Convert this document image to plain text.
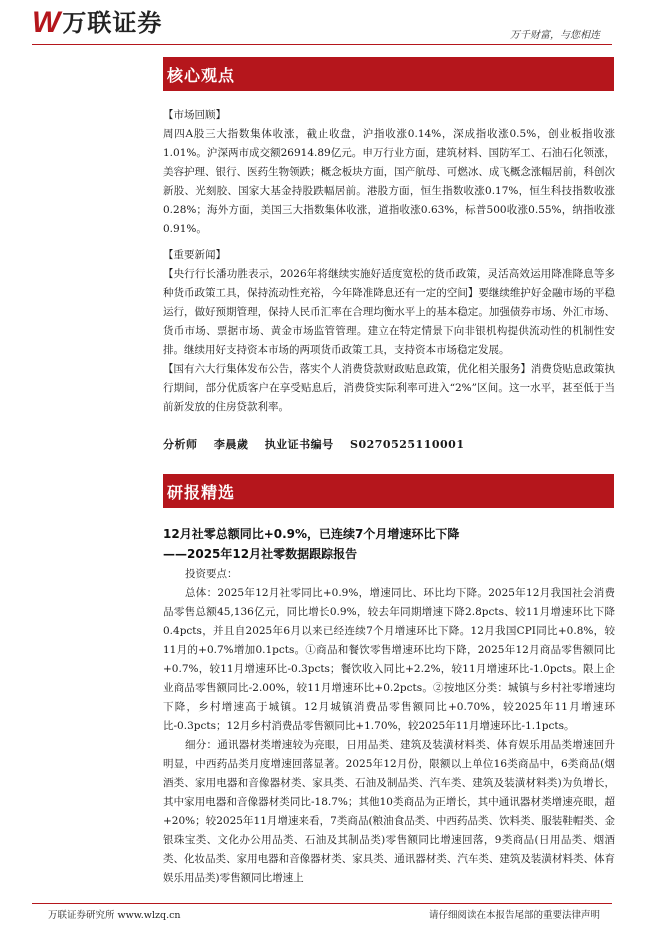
W 万联证券	万千财富，与您相连
核心观点
【市场回顾】

周四A股三大指数集体收涨，截止收盘，沪指收涨0.14%，深成指收涨0.5%，创业板指收涨1.01%。沪深两市成交额26914.89亿元。申万行业方面，建筑材料、国防军工、石油石化领涨，美容护理、银行、医药生物领跌；概念板块方面，国产航母、可燃冰、成飞概念涨幅居前，科创次新股、光刻胶、国家大基金持股跌幅居前。港股方面，恒生指数收涨0.17%，恒生科技指数收涨0.28%；海外方面，美国三大指数集体收涨，道指收涨0.63%，标普500收涨0.55%，纳指收涨0.91%。

【重要新闻】

【央行行长潘功胜表示，2026年将继续实施好适度宽松的货币政策，灵活高效运用降准降息等多种货币政策工具，保持流动性充裕，今年降准降息还有一定的空间】要继续维护好金融市场的平稳运行，做好预期管理，保持人民币汇率在合理均衡水平上的基本稳定。加强债券市场、外汇市场、货币市场、票据市场、黄金市场监管管理。建立在特定情景下向非银机构提供流动性的机制性安排。继续用好支持资本市场的两项货币政策工具，支持资本市场稳定发展。

【国有六大行集体发布公告，落实个人消费贷款财政贴息政策，优化相关服务】消费贷贴息政策执行期间，部分优质客户在享受贴息后，消费贷实际利率可进入“2%”区间。这一水平，甚至低于当前新发放的住房贷款利率。

分析师 李晨歲 执业证书编号 S0270525110001
研报精选
12月社零总额同比+0.9%，已连续7个月增速环比下降
——2025年12月社零数据跟踪报告

投资要点：

总体：2025年12月社零同比+0.9%，增速同比、环比均下降。2025年12月我国社会消费品零售总额45,136亿元，同比增长0.9%，较去年同期增速下降2.8pcts、较11月增速环比下降0.4pcts，并且自2025年6月以来已经连续7个月增速环比下降。12月我国CPI同比+0.8%，较11月的+0.7%增加0.1pcts。①商品和餐饮零售增速环比均下降，2025年12月商品零售额同比+0.7%，较11月增速环比-0.3pcts；餐饮收入同比+2.2%，较11月增速环比-1.0pcts。限上企业商品零售额同比-2.00%，较11月增速环比+0.2pcts。②按地区分类：城镇与乡村社零增速均下降，乡村增速高于城镇。12月城镇消费品零售额同比+0.70%，较2025年11月增速环比-0.3pcts；12月乡村消费品零售额同比+1.70%，较2025年11月增速环比-1.1pcts。

细分：通讯器材类增速较为亮眼，日用品类、建筑及装潢材料类、体育娱乐用品类增速回升明显，中西药品类月度增速回落显著。2025年12月份，限额以上单位16类商品中，6类商品(烟酒类、家用电器和音像器材类、家具类、石油及制品类、汽车类、建筑及装潢材料类)为负增长，其中家用电器和音像器材类同比-18.7%；其他10类商品为正增长，其中通讯器材类增速亮眼，超+20%；较2025年11月增速来看，7类商品(粮油食品类、中西药品类、饮料类、服装鞋帽类、金银珠宝类、文化办公用品类、石油及其制品类)零售额同比增速回落，9类商品(日用品类、烟酒类、化妆品类、家用电器和音像器材类、家具类、通讯器材类、汽车类、建筑及装潢材料类、体育娱乐用品类)零售额同比增速上

万联证券研究所 www.wlzq.cn	请仔细阅读在本报告尾部的重要法律声明
